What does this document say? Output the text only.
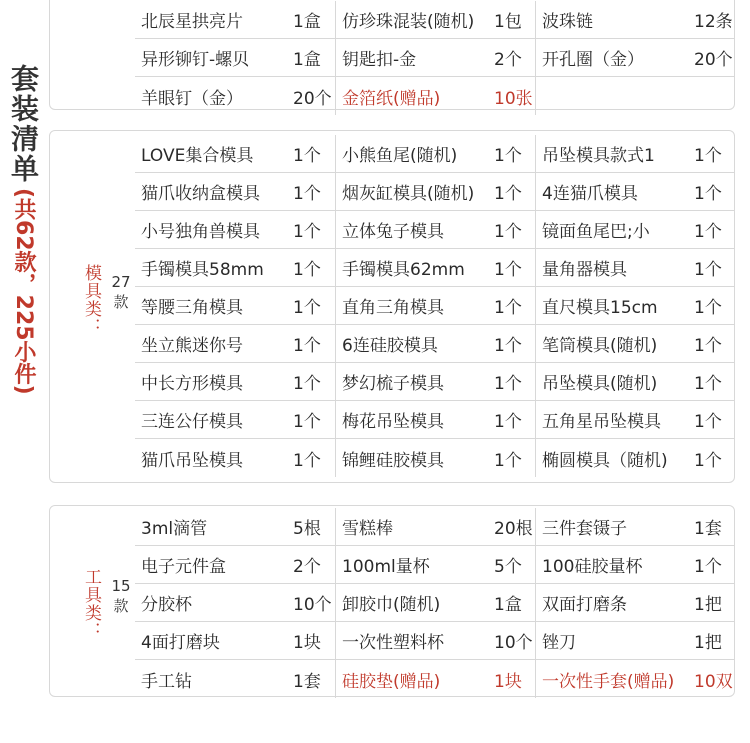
套装清单
(共62款，225小件)
北辰星拱亮片	1盒 仿珍珠混装(随机) 1包 波珠链	12条
异形铆钉-螺贝	1盒 钥匙扣-金	2个 开孔圈（金）	20个
羊眼钉（金）	20个 金箔纸(赠品)	10张
模具类： 27
款
LOVE集合模具 1个 小熊鱼尾(随机) 1个 吊坠模具款式1 1个
猫爪收纳盒模具 1个 烟灰缸模具(随机) 1个 4连猫爪模具	1个
小号独角兽模具 1个 立体兔子模具	1个 镜面鱼尾巴;小	1个
手镯模具58mm 1个 手镯模具62mm 1个 量角器模具	1个
等腰三角模具	1个 直角三角模具	1个 直尺模具15cm 1个
坐立熊迷你号	1个 6连硅胶模具	1个 笔筒模具(随机) 1个
中长方形模具	1个 梦幻梳子模具	1个 吊坠模具(随机) 1个
三连公仔模具	1个 梅花吊坠模具	1个 五角星吊坠模具 1个
猫爪吊坠模具	1个 锦鲤硅胶模具	1个 椭圆模具（随机) 1个
工具类： 15
款
3ml滴管	5根 雪糕棒	20根 三件套镊子	1套
电子元件盒	2个 100ml量杯	5个 100硅胶量杯	1个
分胶杯	10个 卸胶巾(随机)	1盒 双面打磨条	1把
4面打磨块	1块 一次性塑料杯	10个 锉刀	1把
手工钻	1套 硅胶垫(赠品)	1块 一次性手套(赠品) 10双
